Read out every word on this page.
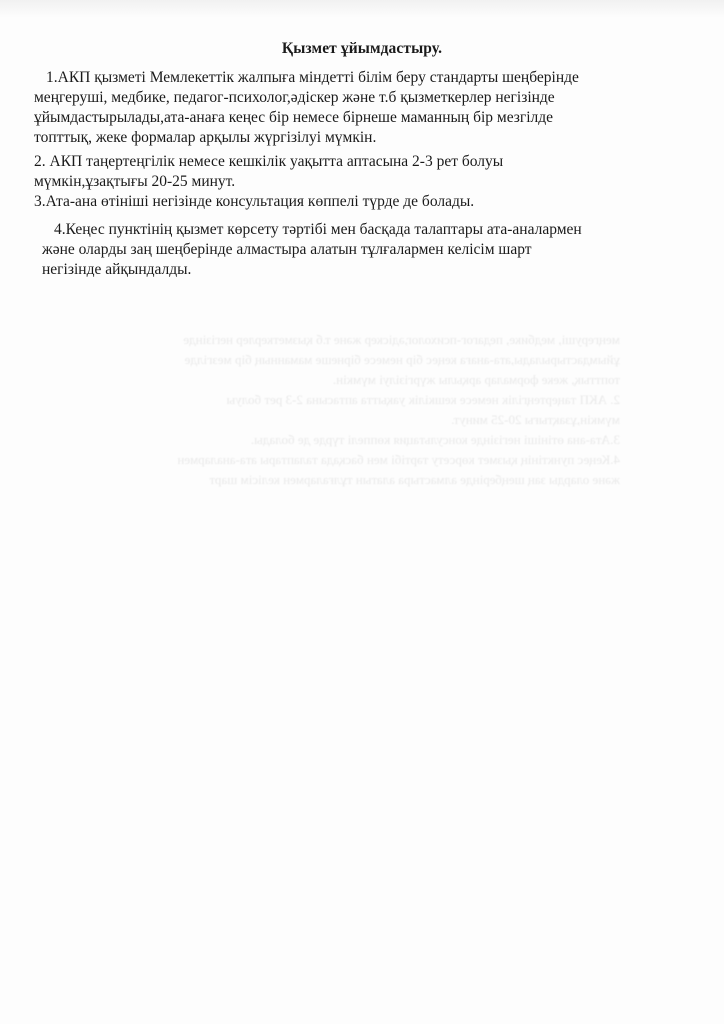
меңгеруші, медбике, педагог-психолог,әдіскер және т.б қызметкерлер негізінде
ұйымдастырылады,ата-анаға кеңес бір немесе бірнеше маманның бір мезгілде
топттық, жеке формалар арқылы жүргізілуі мүмкін.
2. АКП таңертеңгілік немесе кешкілік уақытта аптасына 2-3 рет болуы
мүмкін,ұзақтығы 20-25 минут.
3.Ата-ана өтініші негізінде консультация көппелі түрде де болады.
4.Кеңес пунктінің қызмет көрсету тәртібі мен басқада талаптары ата-аналармен
және оларды заң шеңберінде алмастыра алатын тұлғалармен келісім шарт
Қызмет ұйымдастыру.
1.АКП қызметі Мемлекеттік жалпыға міндетті білім беру стандарты шеңберінде
меңгеруші, медбике, педагог-психолог,әдіскер және т.б қызметкерлер негізінде
ұйымдастырылады,ата-анаға кеңес бір немесе бірнеше маманның бір мезгілде
топттық, жеке формалар арқылы жүргізілуі мүмкін.
2. АКП таңертеңгілік немесе кешкілік уақытта аптасына 2-3 рет болуы
мүмкін,ұзақтығы 20-25 минут.
3.Ата-ана өтініші негізінде консультация көппелі түрде де болады.
4.Кеңес пунктінің қызмет көрсету тәртібі мен басқада талаптары ата-аналармен
және оларды заң шеңберінде алмастыра алатын тұлғалармен келісім шарт
негізінде айқындалды.
